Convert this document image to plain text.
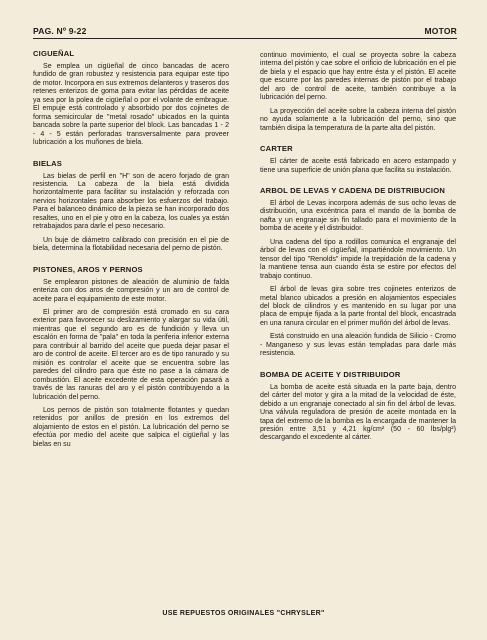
PAG. Nº 9-22	MOTOR
CIGUEÑAL

Se emplea un cigüeñal de cinco bancadas de acero fundido de gran robustez y resistencia para equipar este tipo de motor. Incorpora en sus extremos delanteros y traseros dos retenes enterizos de goma para evitar las pérdidas de aceite ya sea por la polea de cigüeñal o por el volante de embrague. El empuje está controlado y absorbido por dos cojinetes de forma semicircular de "metal rosado" ubicados en la quinta bancada sobre la parte superior del block. Las bancadas 1 - 2 - 4 - 5 están perforadas transversalmente para proveer lubricación a los muñones de biela.

BIELAS

Las bielas de perfil en "H" son de acero forjado de gran resistencia. La cabeza de la biela está dividida horizontalmente para facilitar su instalación y reforzada con nervios horizontales para absorber los esfuerzos del trabajo. Para el balanceo dinámico de la pieza se han incorporado dos resaltes, uno en el pie y otro en la cabeza, los cuales ya están retrabajados para darle el peso necesario.

Un buje de diámetro calibrado con precisión en el pie de biela, determina la flotabilidad necesaria del perno de pistón.

PISTONES, AROS Y PERNOS

Se emplearon pistones de aleación de aluminio de falda enteriza con dos aros de compresión y un aro de control de aceite para el equipamiento de este motor.

El primer aro de compresión está cromado en su cara exterior para favorecer su deslizamiento y alargar su vida útil, mientras que el segundo aro es de fundición y lleva un escalón en forma de "pala" en toda la periferia inferior externa para contribuir al barrido del aceite que pueda dejar pasar el aro de control de aceite. El tercer aro es de tipo ranurado y su misión es controlar el aceite que se encuentra sobre las paredes del cilindro para que éste no pase a la cámara de combustión. El aceite excedente de esta operación pasará a través de las ranuras del aro y el pistón contribuyendo a la lubricación del perno.

Los pernos de pistón son totalmente flotantes y quedan retenidos por anillos de presión en los extremos del alojamiento de estos en el pistón. La lubricación del perno se efectúa por medio del aceite que salpica el cigüeñal y las bielas en su

continuo movimiento, el cual se proyecta sobre la cabeza interna del pistón y cae sobre el orificio de lubricación en el pie de biela y el espacio que hay entre ésta y el pistón. El aceite que escurre por las paredes internas de pistón por el trabajo del aro de control de aceite, también contribuye a la lubricación del perno.

La proyección del aceite sobre la cabeza interna del pistón no ayuda solamente a la lubricación del perno, sino que también disipa la temperatura de la parte alta del pistón.

CARTER

El cárter de aceite está fabricado en acero estampado y tiene una superficie de unión plana que facilita su instalación.

ARBOL DE LEVAS Y CADENA DE DISTRIBUCION

El árbol de Levas incorpora además de sus ocho levas de distribución, una excéntrica para el mando de la bomba de nafta y un engranaje sin fin tallado para el movimiento de la bomba de aceite y el distribuidor.

Una cadena del tipo a rodillos comunica el engranaje del árbol de levas con el cigüeñal, impartiéndole movimiento. Un tensor del tipo "Renolds" impide la trepidación de la cadena y la mantiene tensa aun cuando ésta se estire por efectos del trabajo continuo.

El árbol de levas gira sobre tres cojinetes enterizos de metal blanco ubicados a presión en alojamientos especiales del block de cilindros y es mantenido en su lugar por una placa de empuje fijada a la parte frontal del block, encastrada en una ranura circular en el primer muñón del árbol de levas.

Está construido en una aleación fundida de Silicio - Cromo - Manganeso y sus levas están templadas para darle más resistencia.

BOMBA DE ACEITE Y DISTRIBUIDOR

La bomba de aceite está situada en la parte baja, dentro del cárter del motor y gira a la mitad de la velocidad de éste, debido a un engranaje conectado al sin fin del árbol de levas. Una válvula reguladora de presión de aceite montada en la tapa del extremo de la bomba es la encargada de mantener la presión entre 3,51 y 4,21 kg/cm² (50 - 60 lbs/plg²) descargando el excedente al cárter.

USE REPUESTOS ORIGINALES "CHRYSLER"
